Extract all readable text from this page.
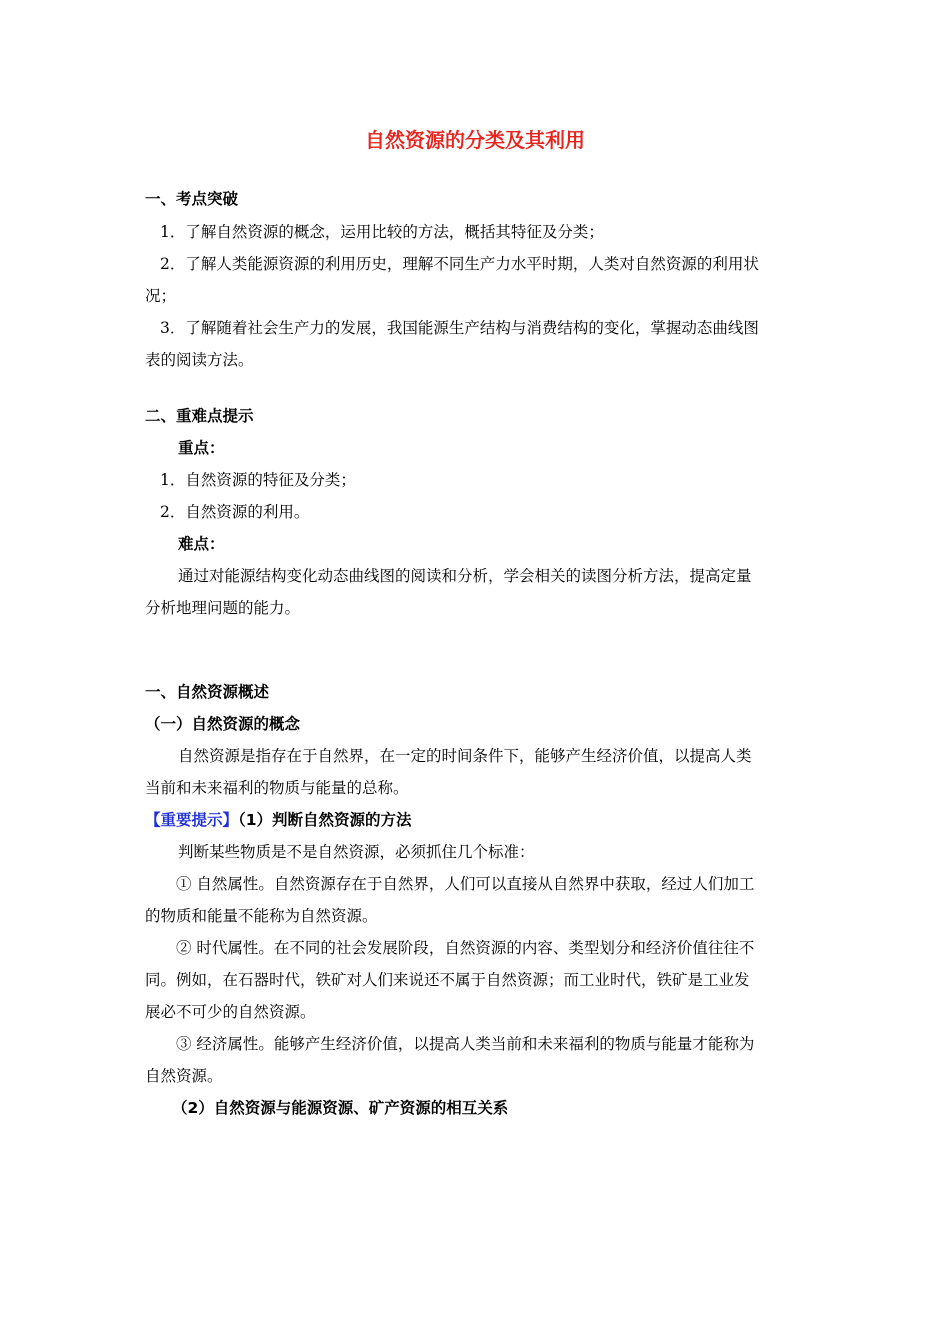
自然资源的分类及其利用
一、考点突破
1．了解自然资源的概念，运用比较的方法，概括其特征及分类；
2．了解人类能源资源的利用历史，理解不同生产力水平时期，人类对自然资源的利用状
况；
3．了解随着社会生产力的发展，我国能源生产结构与消费结构的变化，掌握动态曲线图
表的阅读方法。
二、重难点提示
重点：
1．自然资源的特征及分类；
2．自然资源的利用。
难点：
通过对能源结构变化动态曲线图的阅读和分析，学会相关的读图分析方法，提高定量
分析地理问题的能力。
一、自然资源概述
（一）自然资源的概念
自然资源是指存在于自然界，在一定的时间条件下，能够产生经济价值，以提高人类
当前和未来福利的物质与能量的总称。
【重要提示】（1）判断自然资源的方法
判断某些物质是不是自然资源，必须抓住几个标准：
① 自然属性。自然资源存在于自然界，人们可以直接从自然界中获取，经过人们加工
的物质和能量不能称为自然资源。
② 时代属性。在不同的社会发展阶段，自然资源的内容、类型划分和经济价值往往不
同。例如，在石器时代，铁矿对人们来说还不属于自然资源；而工业时代，铁矿是工业发
展必不可少的自然资源。
③ 经济属性。能够产生经济价值，以提高人类当前和未来福利的物质与能量才能称为
自然资源。
（2）自然资源与能源资源、矿产资源的相互关系
